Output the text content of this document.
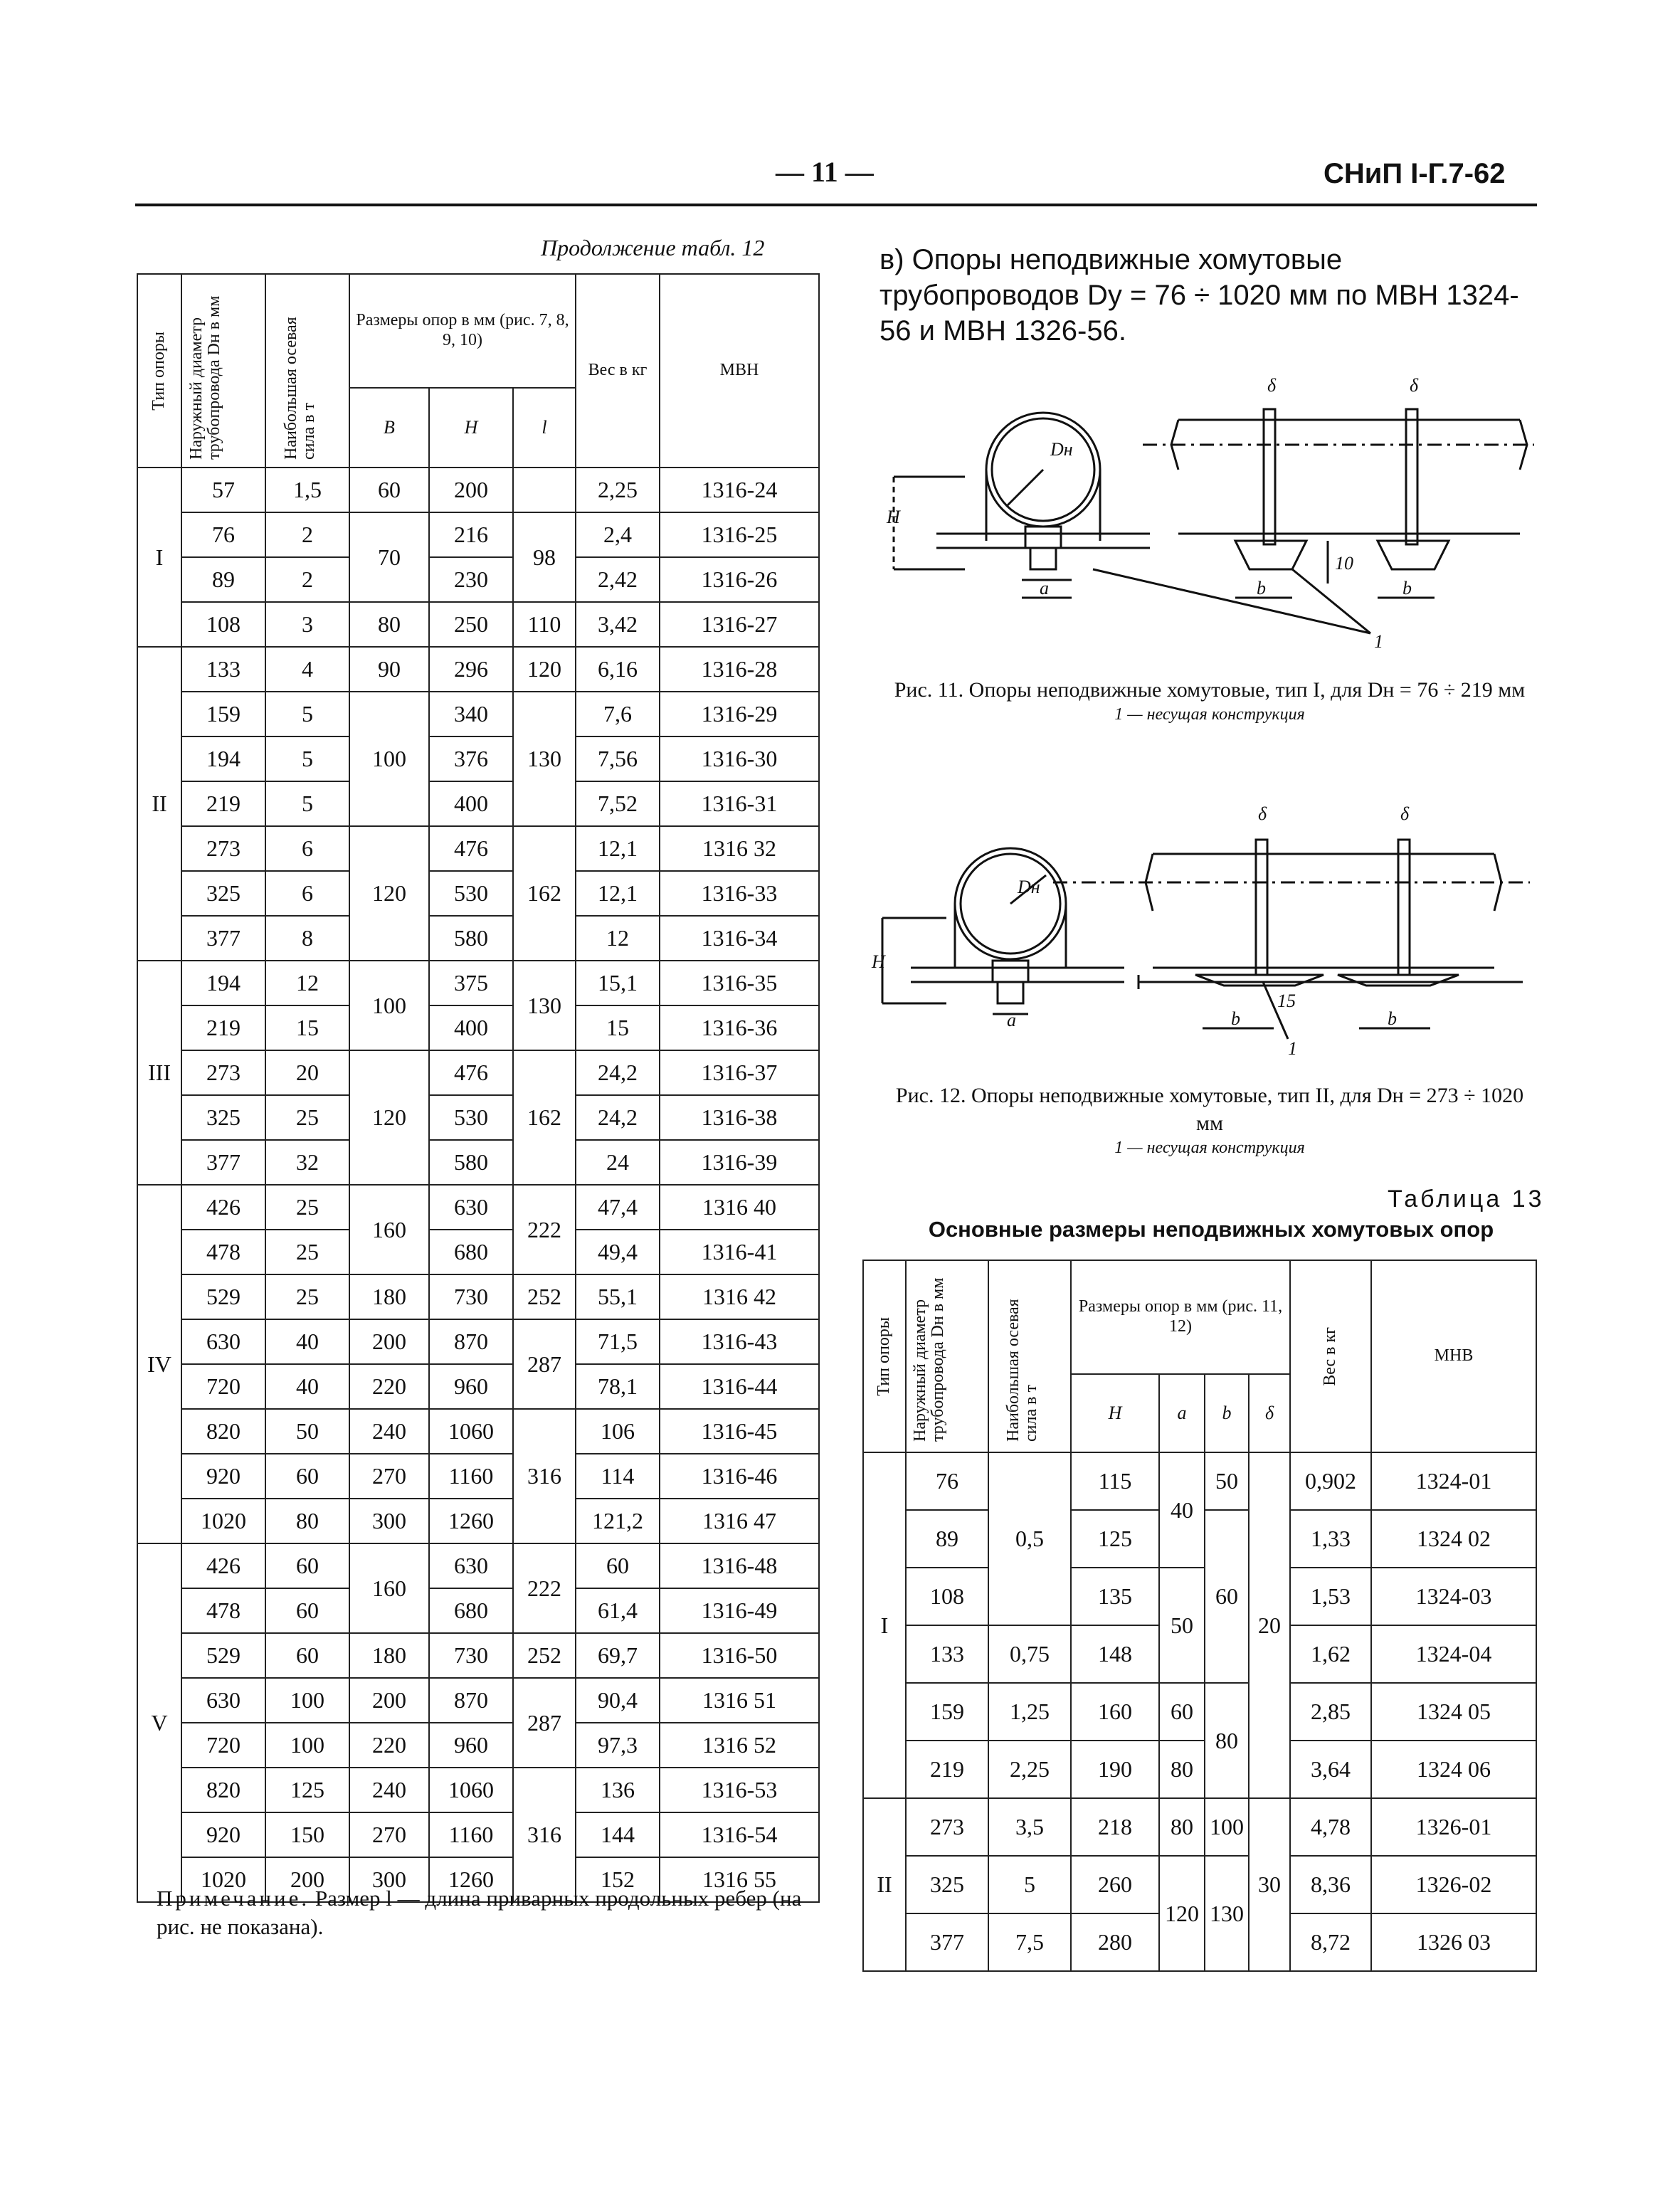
— 11 —	СНиП I-Г.7-62
Продолжение табл. 12
Тип опоры	Наружный диаметр трубопровода Dн в мм	Наибольшая осевая сила в т	Размеры опор в мм (рис. 7, 8, 9, 10)			Вес в кг	МВН
			B	H	l		
I	57	1,5	60	200		2,25	1316-24
	76	2	70	216	98	2,4	1316-25
	89	2		230		2,42	1316-26
	108	3	80	250	110	3,42	1316-27
II	133	4	90	296	120	6,16	1316-28
	159	5	100	340	130	7,6	1316-29
	194	5		376		7,56	1316-30
	219	5		400		7,52	1316-31
	273	6	120	476	162	12,1	1316 32
	325	6		530		12,1	1316-33
	377	8		580		12	1316-34
III	194	12	100	375	130	15,1	1316-35
	219	15		400		15	1316-36
	273	20	120	476	162	24,2	1316-37
	325	25		530		24,2	1316-38
	377	32		580		24	1316-39
IV	426	25	160	630	222	47,4	1316 40
	478	25		680		49,4	1316-41
	529	25	180	730	252	55,1	1316 42
	630	40	200	870	287	71,5	1316-43
	720	40	220	960		78,1	1316-44
	820	50	240	1060	316	106	1316-45
	920	60	270	1160		114	1316-46
	1020	80	300	1260		121,2	1316 47
V	426	60	160	630	222	60	1316-48
	478	60		680		61,4	1316-49
	529	60	180	730	252	69,7	1316-50
	630	100	200	870	287	90,4	1316 51
	720	100	220	960		97,3	1316 52
	820	125	240	1060	316	136	1316-53
	920	150	270	1160		144	1316-54
	1020	200	300	1260		152	1316 55
Примечание. Размер l — длина приварных продольных ребер (на рис. не показана).
в) Опоры неподвижные хомутовые трубопроводов Dу = 76 ÷ 1020 мм по МВН 1324-56 и МВН 1326-56.
Dн
H
a	b	b
δ	δ
10
1
Рис. 11. Опоры неподвижные хомутовые, тип I, для Dн = 76 ÷ 219 мм
1 — несущая конструкция
Dн
H
a	b	b
δ	δ
15
1
Рис. 12. Опоры неподвижные хомутовые, тип II, для Dн = 273 ÷ 1020 мм
1 — несущая конструкция
Таблица 13
Основные размеры неподвижных хомутовых опор
Тип опоры	Наружный диаметр трубопровода Dн в мм	Наибольшая осевая сила в т	Размеры опор в мм (рис. 11, 12)				Вес в кг	МНВ
			H	a	b	δ		
I	76	0,5	115	40	50	20	0,902	1324-01
	89		125		60		1,33	1324 02
	108		135	50			1,53	1324-03
	133	0,75	148				1,62	1324-04
	159	1,25	160	60	80		2,85	1324 05
	219	2,25	190	80			3,64	1324 06
II	273	3,5	218	80	100	30	4,78	1326-01
	325	5	260	120	130		8,36	1326-02
	377	7,5	280				8,72	1326 03
